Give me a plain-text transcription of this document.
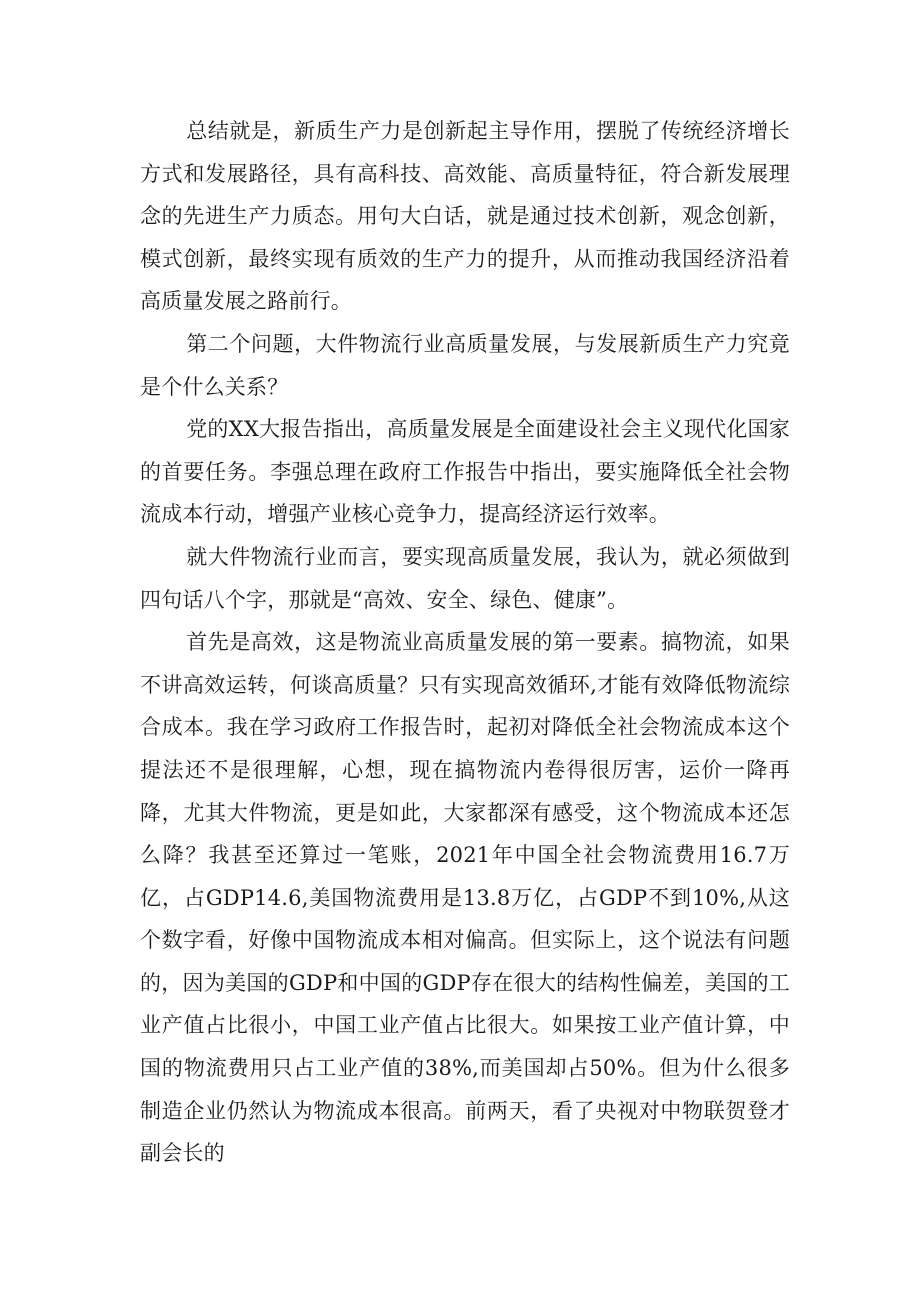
总结就是，新质生产力是创新起主导作用，摆脱了传统经济增长方式和发展路径，具有高科技、高效能、高质量特征，符合新发展理念的先进生产力质态。用句大白话，就是通过技术创新，观念创新，模式创新，最终实现有质效的生产力的提升，从而推动我国经济沿着高质量发展之路前行。

第二个问题，大件物流行业高质量发展，与发展新质生产力究竟是个什么关系？

党的XX大报告指出，高质量发展是全面建设社会主义现代化国家的首要任务。李强总理在政府工作报告中指出，要实施降低全社会物流成本行动，增强产业核心竞争力，提高经济运行效率。

就大件物流行业而言，要实现高质量发展，我认为，就必须做到四句话八个字，那就是“高效、安全、绿色、健康”。

首先是高效，这是物流业高质量发展的第一要素。搞物流，如果不讲高效运转，何谈高质量？只有实现高效循环,才能有效降低物流综合成本。我在学习政府工作报告时，起初对降低全社会物流成本这个提法还不是很理解，心想，现在搞物流内卷得很厉害，运价一降再降，尤其大件物流，更是如此，大家都深有感受，这个物流成本还怎么降？我甚至还算过一笔账，2021年中国全社会物流费用16.7万亿，占GDP14.6,美国物流费用是13.8万亿，占GDP不到10%,从这个数字看，好像中国物流成本相对偏高。但实际上，这个说法有问题的，因为美国的GDP和中国的GDP存在很大的结构性偏差，美国的工业产值占比很小，中国工业产值占比很大。如果按工业产值计算，中国的物流费用只占工业产值的38%,而美国却占50%。但为什么很多制造企业仍然认为物流成本很高。前两天，看了央视对中物联贺登才副会长的
